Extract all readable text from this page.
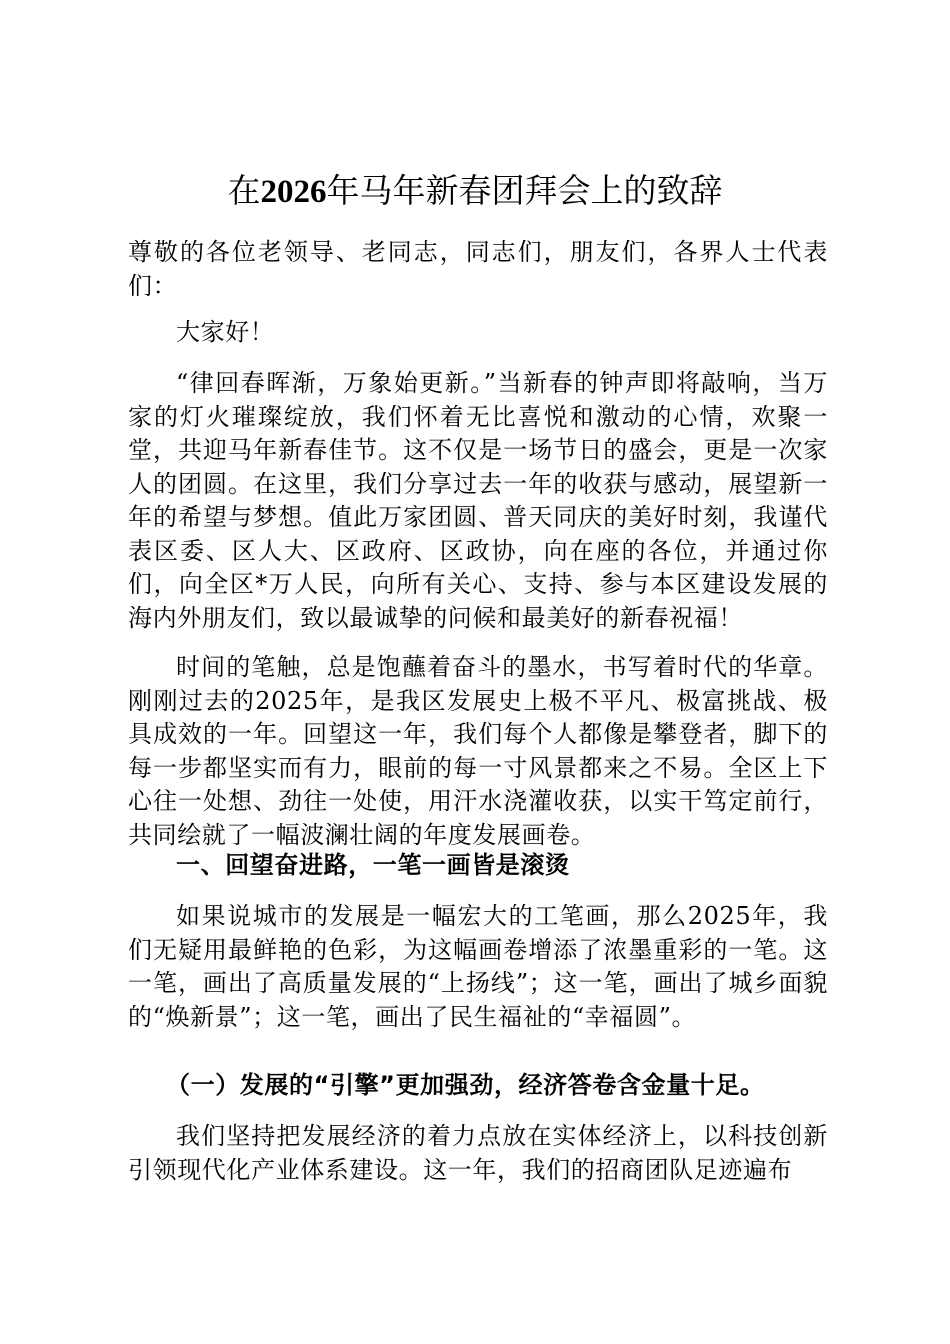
在2026年马年新春团拜会上的致辞

尊敬的各位老领导、老同志，同志们，朋友们，各界人士代表们：

大家好！

“律回春晖渐，万象始更新。”当新春的钟声即将敲响，当万家的灯火璀璨绽放，我们怀着无比喜悦和激动的心情，欢聚一堂，共迎马年新春佳节。这不仅是一场节日的盛会，更是一次家人的团圆。在这里，我们分享过去一年的收获与感动，展望新一年的希望与梦想。值此万家团圆、普天同庆的美好时刻，我谨代表区委、区人大、区政府、区政协，向在座的各位，并通过你们，向全区*万人民，向所有关心、支持、参与本区建设发展的海内外朋友们，致以最诚挚的问候和最美好的新春祝福！

时间的笔触，总是饱蘸着奋斗的墨水，书写着时代的华章。刚刚过去的2025年，是我区发展史上极不平凡、极富挑战、极具成效的一年。回望这一年，我们每个人都像是攀登者，脚下的每一步都坚实而有力，眼前的每一寸风景都来之不易。全区上下心往一处想、劲往一处使，用汗水浇灌收获，以实干笃定前行，共同绘就了一幅波澜壮阔的年度发展画卷。

一、回望奋进路，一笔一画皆是滚烫

如果说城市的发展是一幅宏大的工笔画，那么2025年，我们无疑用最鲜艳的色彩，为这幅画卷增添了浓墨重彩的一笔。这一笔，画出了高质量发展的“上扬线”；这一笔，画出了城乡面貌的“焕新景”；这一笔，画出了民生福祉的“幸福圆”。

（一）发展的“引擎”更加强劲，经济答卷含金量十足。

我们坚持把发展经济的着力点放在实体经济上，以科技创新引领现代化产业体系建设。这一年，我们的招商团队足迹遍布
